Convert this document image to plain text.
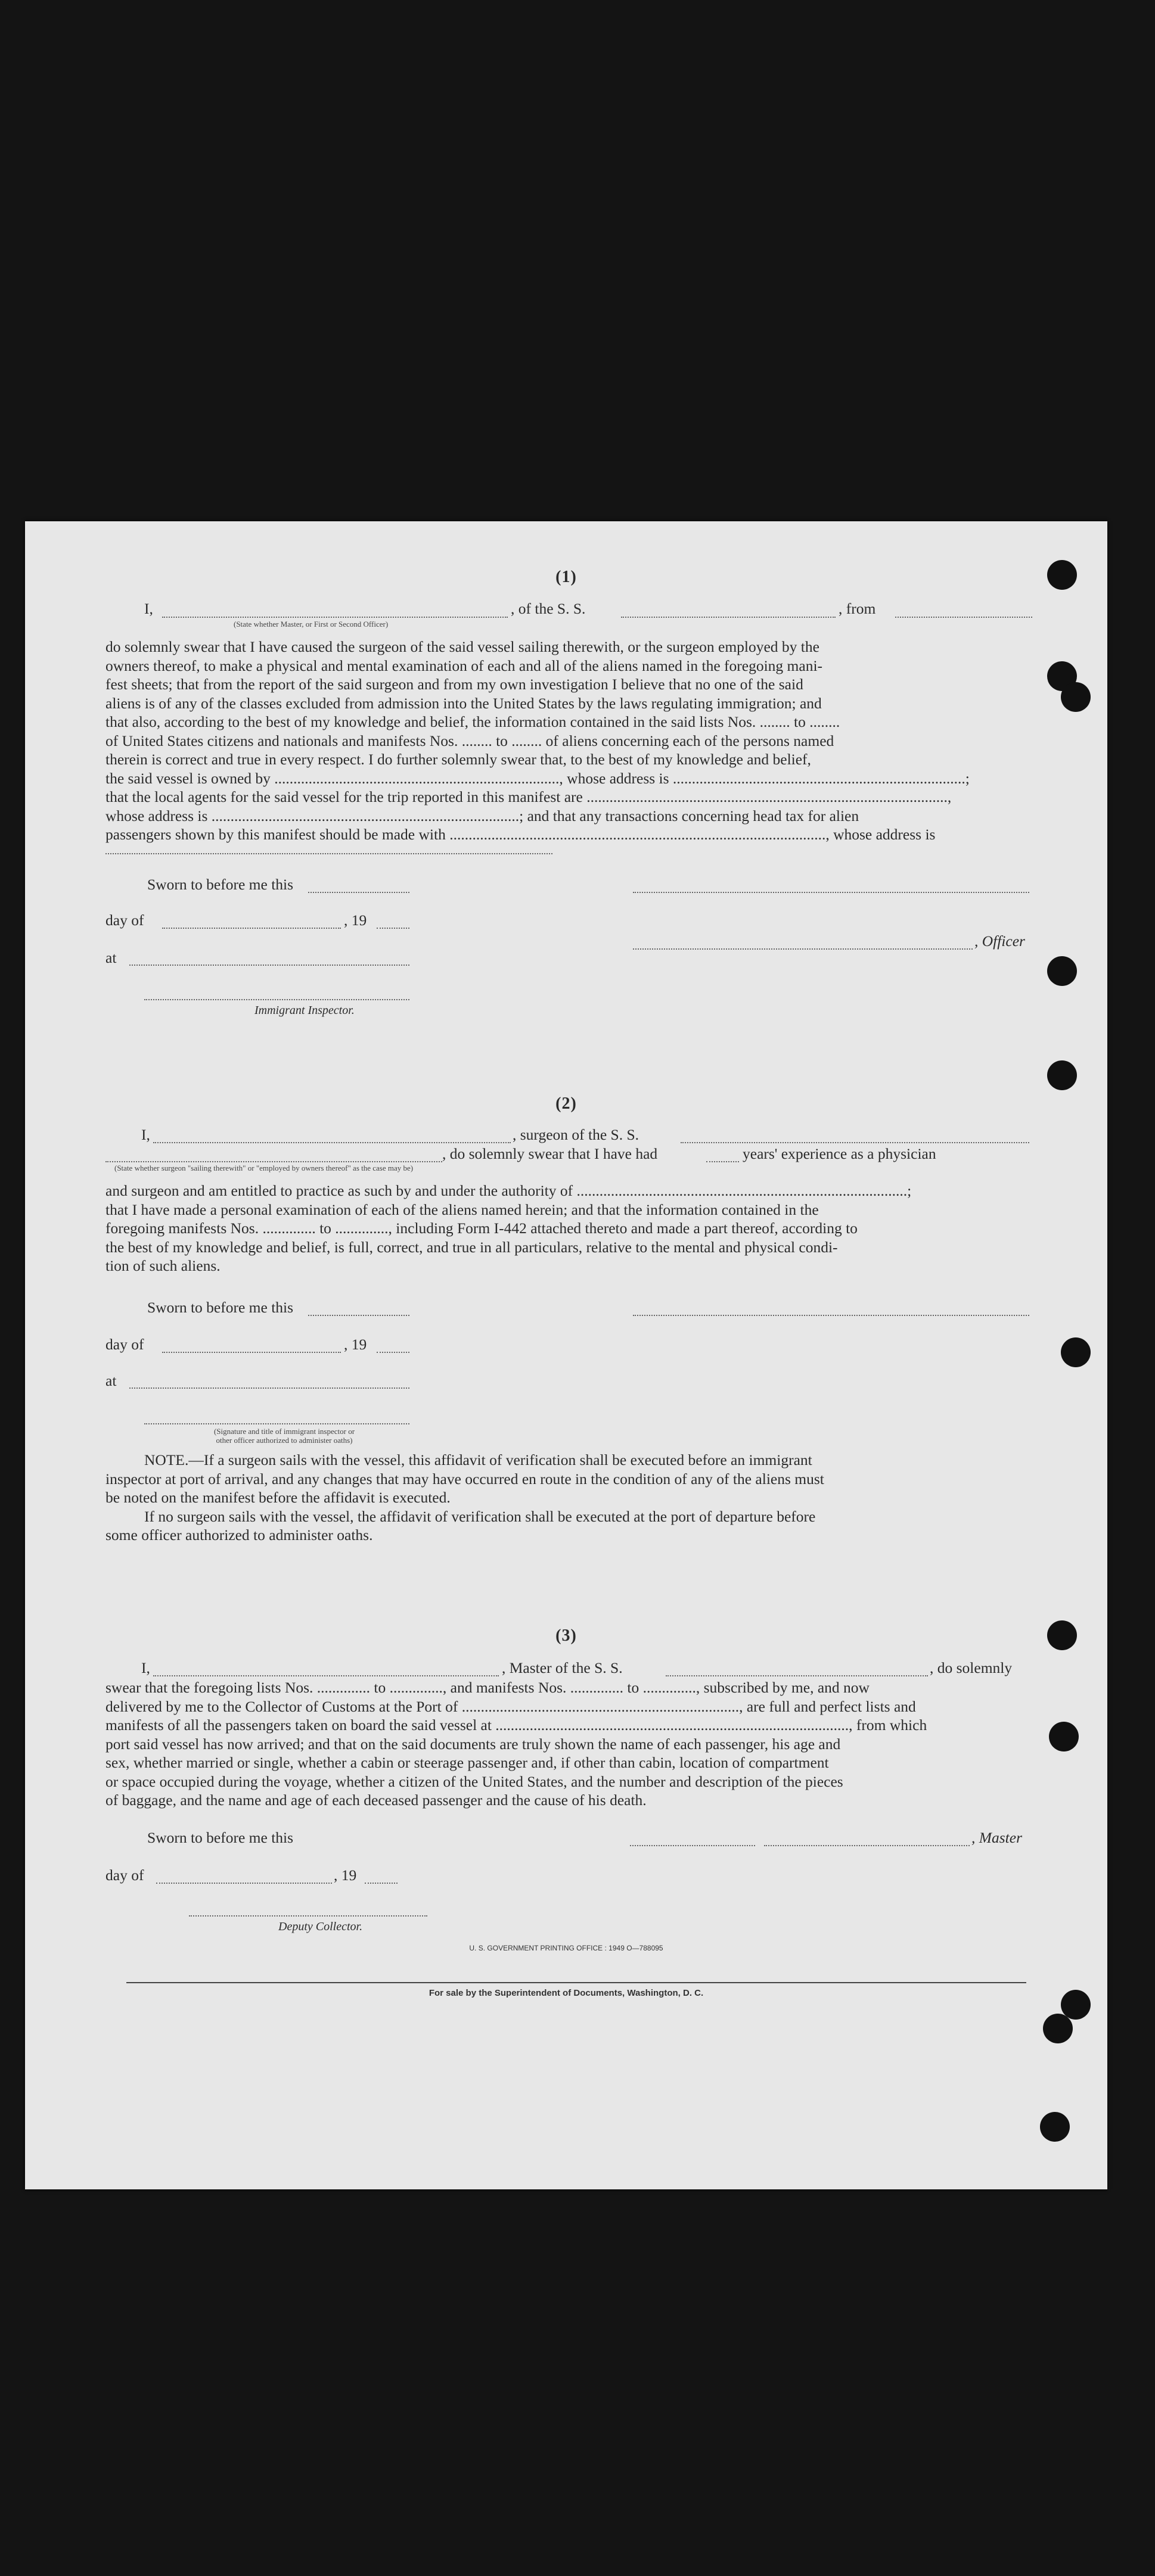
(1)
I,	, of the S. S.	, from
(State whether Master, or First or Second Officer)
do solemnly swear that I have caused the surgeon of the said vessel sailing therewith, or the surgeon employed by the
owners thereof, to make a physical and mental examination of each and all of the aliens named in the foregoing mani-
fest sheets; that from the report of the said surgeon and from my own investigation I believe that no one of the said
aliens is of any of the classes excluded from admission into the United States by the laws regulating immigration; and
that also, according to the best of my knowledge and belief, the information contained in the said lists Nos. ........ to ........
of United States citizens and nationals and manifests Nos. ........ to ........ of aliens concerning each of the persons named
therein is correct and true in every respect. I do further solemnly swear that, to the best of my knowledge and belief,
the said vessel is owned by ..........................................................................., whose address is .............................................................................;
that the local agents for the said vessel for the trip reported in this manifest are ...............................................................................................,
whose address is .................................................................................; and that any transactions concerning head tax for alien
passengers shown by this manifest should be made with ..................................................................................................., whose address is
Sworn to before me this
day of	, 19
, Officer
at
Immigrant Inspector.
(2)
I,	, surgeon of the S. S.
, do solemnly swear that I have had	years' experience as a physician
(State whether surgeon "sailing therewith" or "employed by owners thereof" as the case may be)
and surgeon and am entitled to practice as such by and under the authority of .......................................................................................;
that I have made a personal examination of each of the aliens named herein; and that the information contained in the
foregoing manifests Nos. .............. to .............., including Form I-442 attached thereto and made a part thereof, according to
the best of my knowledge and belief, is full, correct, and true in all particulars, relative to the mental and physical condi-
tion of such aliens.
Sworn to before me this
day of	, 19
at
(Signature and title of immigrant inspector or
other officer authorized to administer oaths)
NOTE.—If a surgeon sails with the vessel, this affidavit of verification shall be executed before an immigrant
inspector at port of arrival, and any changes that may have occurred en route in the condition of any of the aliens must
be noted on the manifest before the affidavit is executed.
If no surgeon sails with the vessel, the affidavit of verification shall be executed at the port of departure before
some officer authorized to administer oaths.
(3)
I,	, Master of the S. S.	, do solemnly
swear that the foregoing lists Nos. .............. to .............., and manifests Nos. .............. to .............., subscribed by me, and now
delivered by me to the Collector of Customs at the Port of ........................................................................., are full and perfect lists and
manifests of all the passengers taken on board the said vessel at ............................................................................................., from which
port said vessel has now arrived; and that on the said documents are truly shown the name of each passenger, his age and
sex, whether married or single, whether a cabin or steerage passenger and, if other than cabin, location of compartment
or space occupied during the voyage, whether a citizen of the United States, and the number and description of the pieces
of baggage, and the name and age of each deceased passenger and the cause of his death.
Sworn to before me this	, Master
day of	, 19
Deputy Collector.
U. S. GOVERNMENT PRINTING OFFICE : 1949 O—788095
For sale by the Superintendent of Documents, Washington, D. C.
